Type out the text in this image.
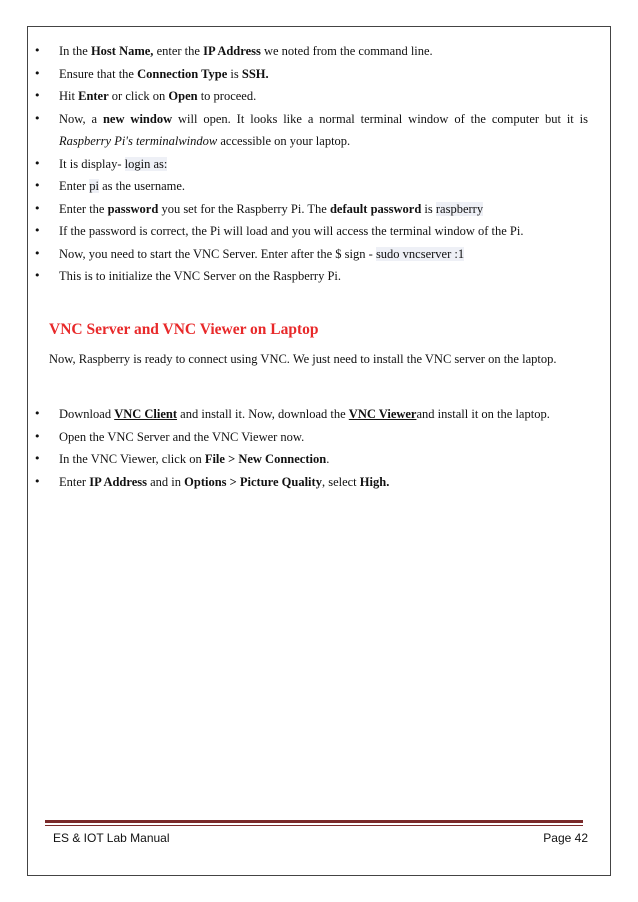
• In the Host Name, enter the IP Address we noted from the command line.
• Ensure that the Connection Type is SSH.
• Hit Enter or click on Open to proceed.
• Now, a new window will open. It looks like a normal terminal window of the computer but it is Raspberry Pi's terminalwindow accessible on your laptop.
• It is display- login as:
• Enter pi as the username.
• Enter the password you set for the Raspberry Pi. The default password is raspberry
• If the password is correct, the Pi will load and you will access the terminal window of the Pi.
• Now, you need to start the VNC Server. Enter after the $ sign - sudo vncserver :1
• This is to initialize the VNC Server on the Raspberry Pi.
VNC Server and VNC Viewer on Laptop
Now, Raspberry is ready to connect using VNC. We just need to install the VNC server on the laptop.
• Download VNC Client and install it. Now, download the VNC Viewerand install it on the laptop.
• Open the VNC Server and the VNC Viewer now.
• In the VNC Viewer, click on File > New Connection.
• Enter IP Address and in Options > Picture Quality, select High.
ES & IOT Lab Manual	Page 42
